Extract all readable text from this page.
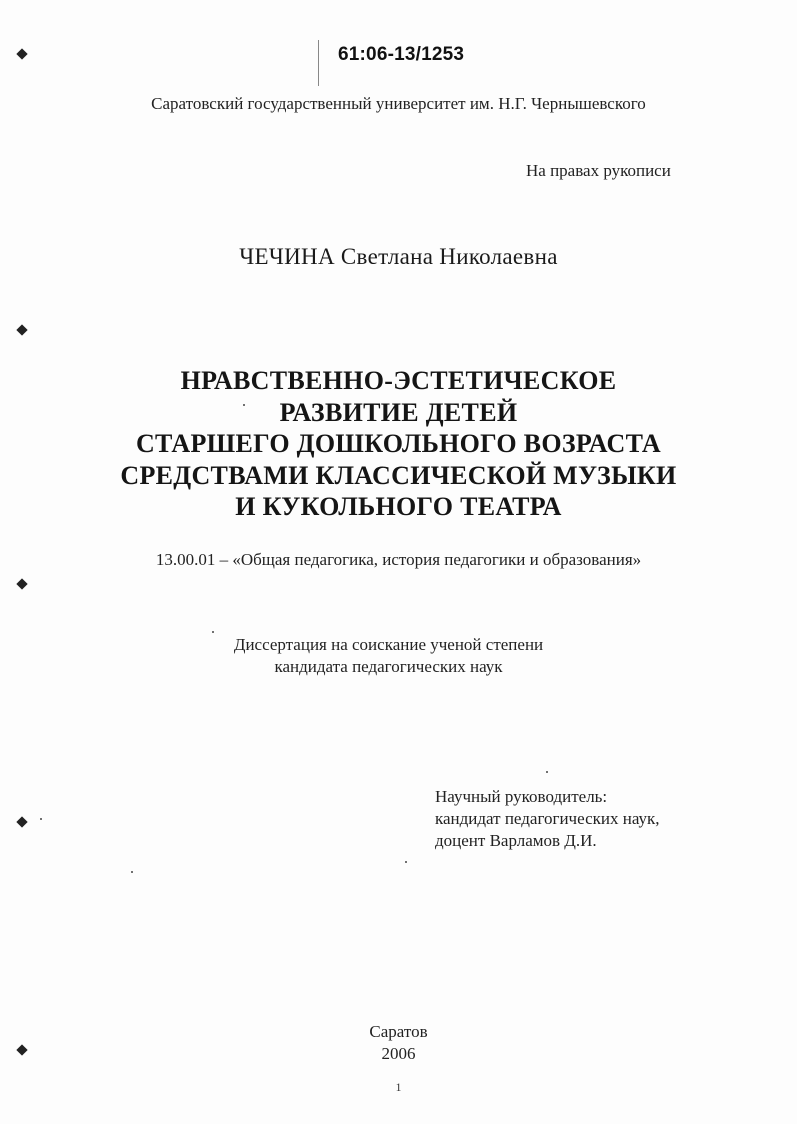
61:06-13/1253
Саратовский государственный университет им. Н.Г. Чернышевского
На правах рукописи
ЧЕЧИНА Светлана Николаевна
НРАВСТВЕННО-ЭСТЕТИЧЕСКОЕ
РАЗВИТИЕ ДЕТЕЙ
СТАРШЕГО ДОШКОЛЬНОГО ВОЗРАСТА
СРЕДСТВАМИ КЛАССИЧЕСКОЙ МУЗЫКИ
И КУКОЛЬНОГО ТЕАТРА
13.00.01 – «Общая педагогика, история педагогики и образования»
Диссертация на соискание ученой степени
кандидата педагогических наук
Научный руководитель:
кандидат педагогических наук,
доцент Варламов Д.И.
Саратов
2006
1
